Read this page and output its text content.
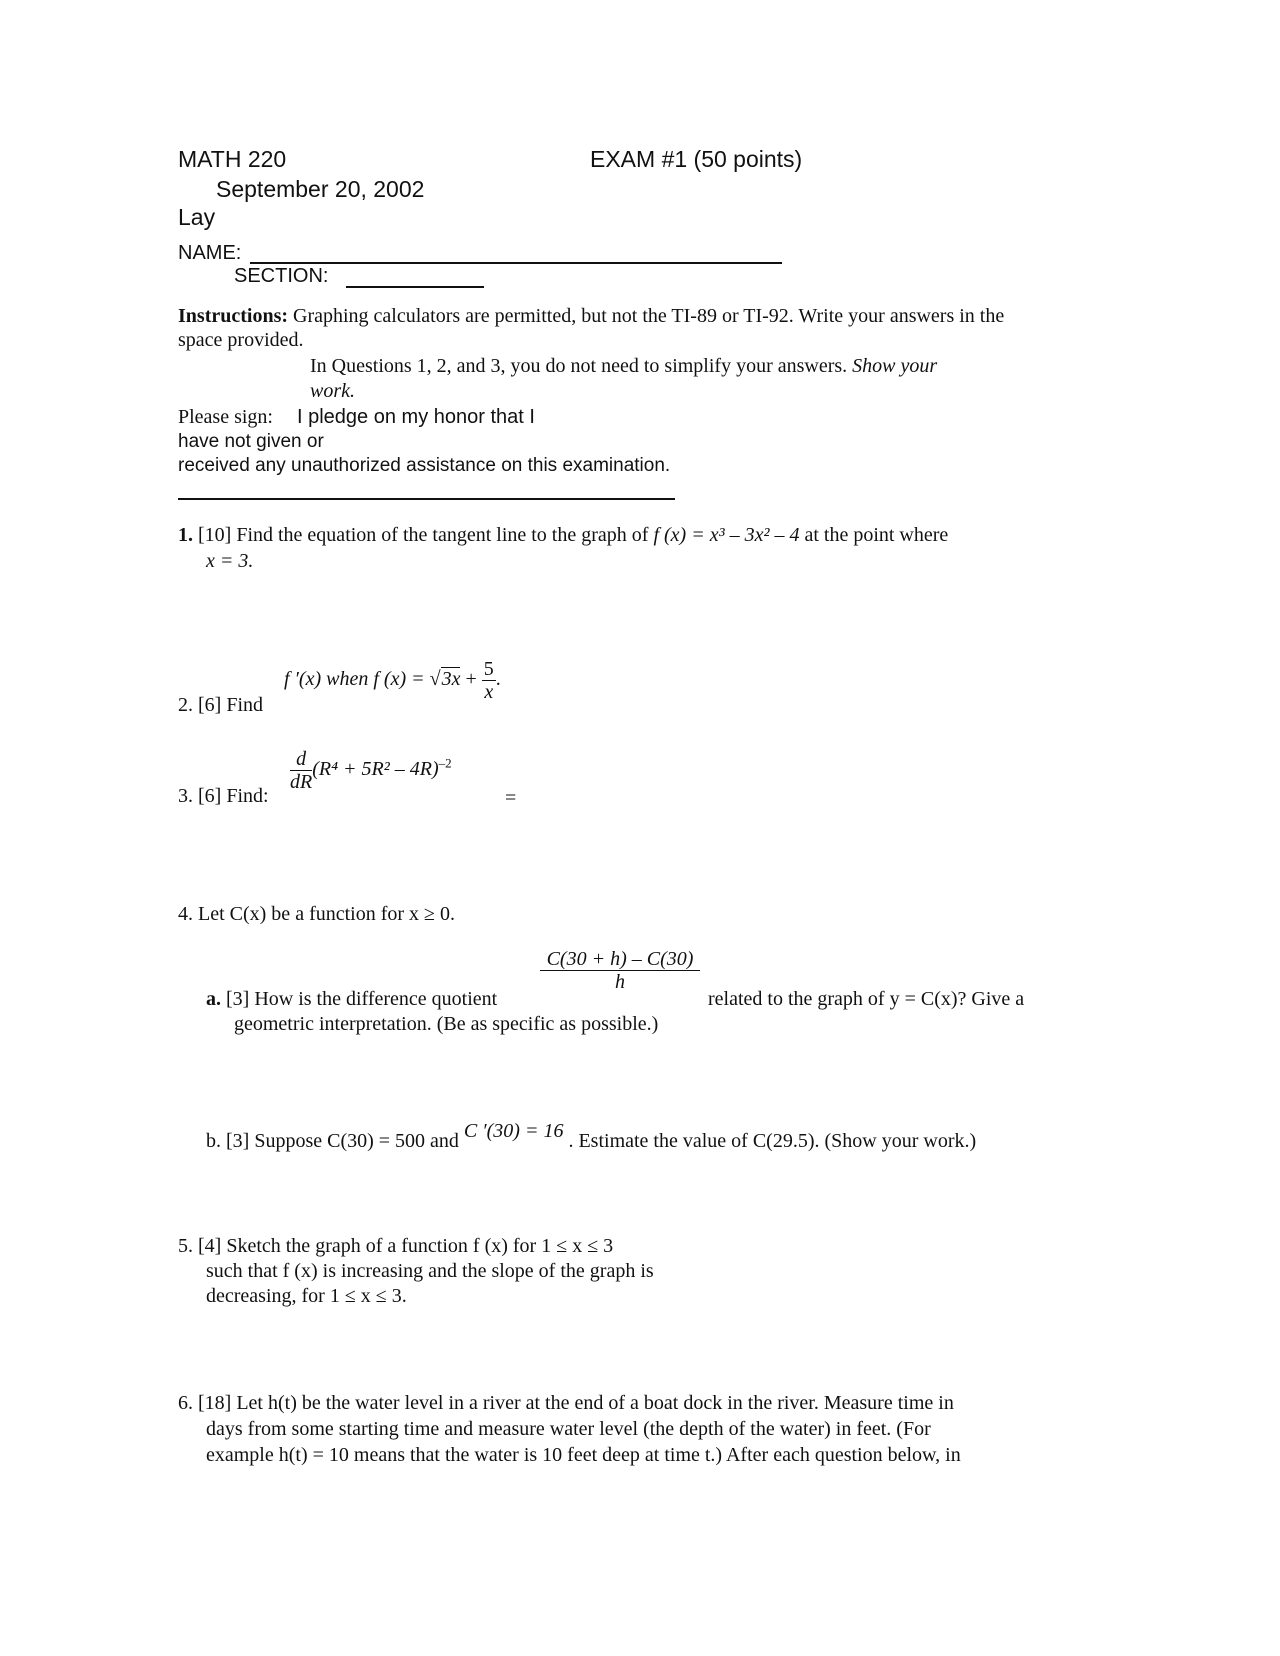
MATH 220	EXAM #1 (50 points)
September 20, 2002
Lay
NAME:
SECTION:
Instructions: Graphing calculators are permitted, but not the TI-89 or TI-92. Write your answers in the
space provided.
In Questions 1, 2, and 3, you do not need to simplify your answers. Show your
work.
Please sign: I pledge on my honor that I
have not given or
received any unauthorized assistance on this examination.
1. [10] Find the equation of the tangent line to the graph of f (x) = x³ – 3x² – 4 at the point where
x = 3.
2. [6] Find
f ′(x) when f $(x) = √3x + \frac{5}{x}$ .
3. [6] Find:
$\frac{d}{dR} (R^4 + 5R^2 - 4R)^{-2}$
=
4. Let C(x) be a function for x ≥ 0.
$\frac{C(30 + h) - C(30)}{h}$
a. [3] How is the difference quotient	related to the graph of y = C(x)? Give a
geometric interpretation. (Be as specific as possible.)
b. [3] Suppose C(30) = 500 and C ′(30) = 16 . Estimate the value of C(29.5). (Show your work.)
5. [4] Sketch the graph of a function f (x) for 1 ≤ x ≤ 3
such that f (x) is increasing and the slope of the graph is
decreasing, for 1 ≤ x ≤ 3.
6. [18] Let h(t) be the water level in a river at the end of a boat dock in the river. Measure time in
days from some starting time and measure water level (the depth of the water) in feet. (For
example h(t) = 10 means that the water is 10 feet deep at time t.) After each question below, in
